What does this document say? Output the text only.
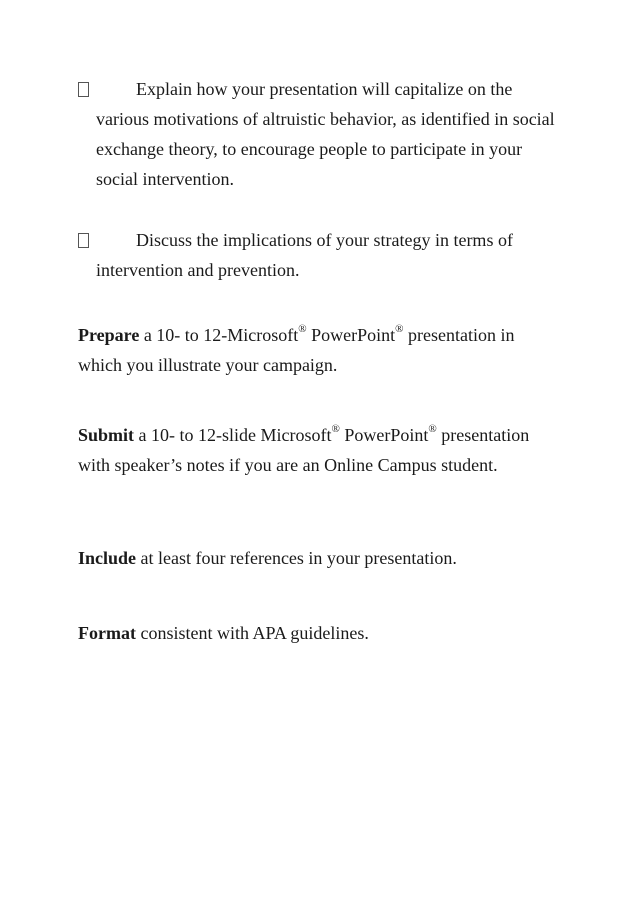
Explain how your presentation will capitalize on the various motivations of altruistic behavior, as identified in social exchange theory, to encourage people to participate in your social intervention.
Discuss the implications of your strategy in terms of intervention and prevention.
Prepare a 10- to 12-Microsoft® PowerPoint® presentation in which you illustrate your campaign.
Submit a 10- to 12-slide Microsoft® PowerPoint® presentation with speaker’s notes if you are an Online Campus student.
Include at least four references in your presentation.
Format consistent with APA guidelines.
